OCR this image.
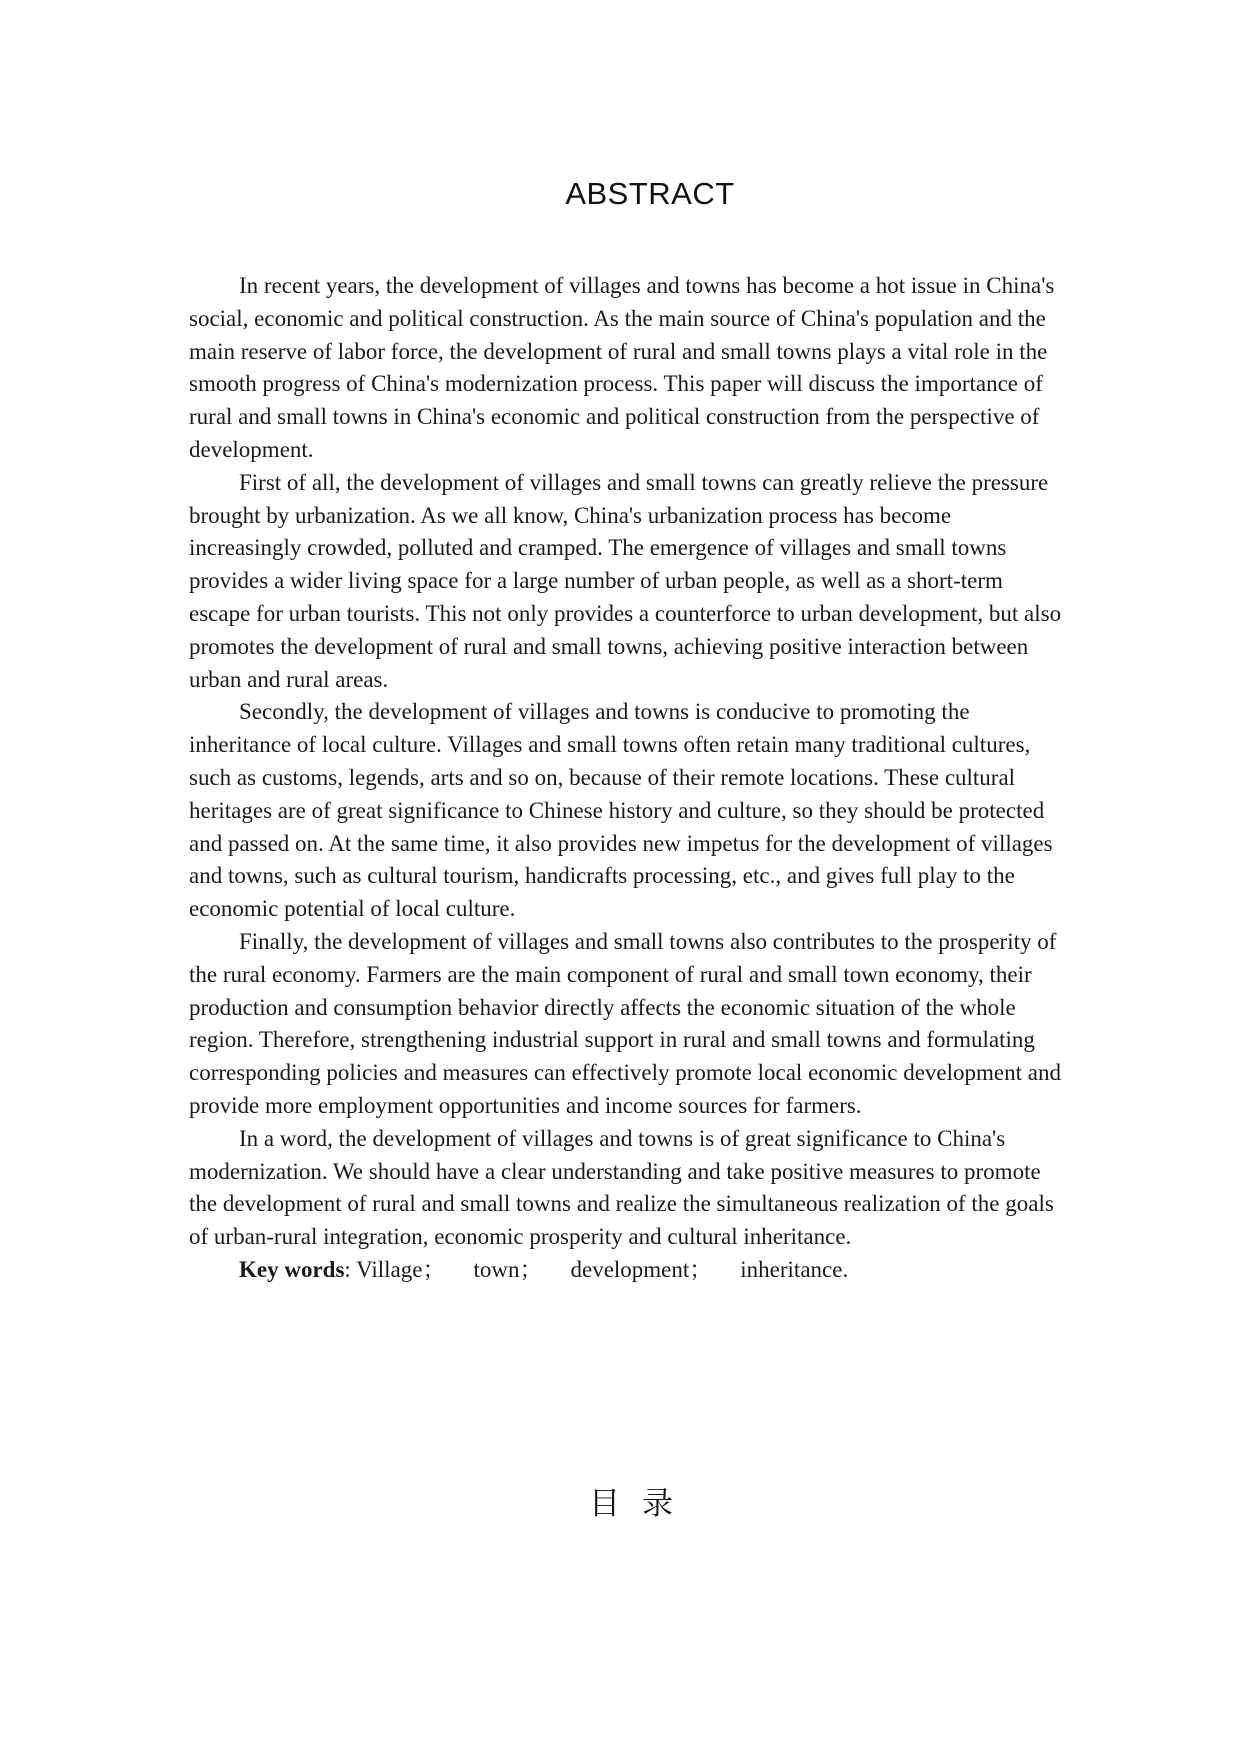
ABSTRACT

In recent years, the development of villages and towns has become a hot issue in China's social, economic and political construction. As the main source of China's population and the main reserve of labor force, the development of rural and small towns plays a vital role in the smooth progress of China's modernization process. This paper will discuss the importance of rural and small towns in China's economic and political construction from the perspective of development.

First of all, the development of villages and small towns can greatly relieve the pressure brought by urbanization. As we all know, China's urbanization process has become increasingly crowded, polluted and cramped. The emergence of villages and small towns provides a wider living space for a large number of urban people, as well as a short-term escape for urban tourists. This not only provides a counterforce to urban development, but also promotes the development of rural and small towns, achieving positive interaction between urban and rural areas.

Secondly, the development of villages and towns is conducive to promoting the inheritance of local culture. Villages and small towns often retain many traditional cultures, such as customs, legends, arts and so on, because of their remote locations. These cultural heritages are of great significance to Chinese history and culture, so they should be protected and passed on. At the same time, it also provides new impetus for the development of villages and towns, such as cultural tourism, handicrafts processing, etc., and gives full play to the economic potential of local culture.

Finally, the development of villages and small towns also contributes to the prosperity of the rural economy. Farmers are the main component of rural and small town economy, their production and consumption behavior directly affects the economic situation of the whole region. Therefore, strengthening industrial support in rural and small towns and formulating corresponding policies and measures can effectively promote local economic development and provide more employment opportunities and income sources for farmers.

In a word, the development of villages and towns is of great significance to China's modernization. We should have a clear understanding and take positive measures to promote the development of rural and small towns and realize the simultaneous realization of the goals of urban-rural integration, economic prosperity and cultural inheritance.

Key words: Village； town； development； inheritance.

目录
